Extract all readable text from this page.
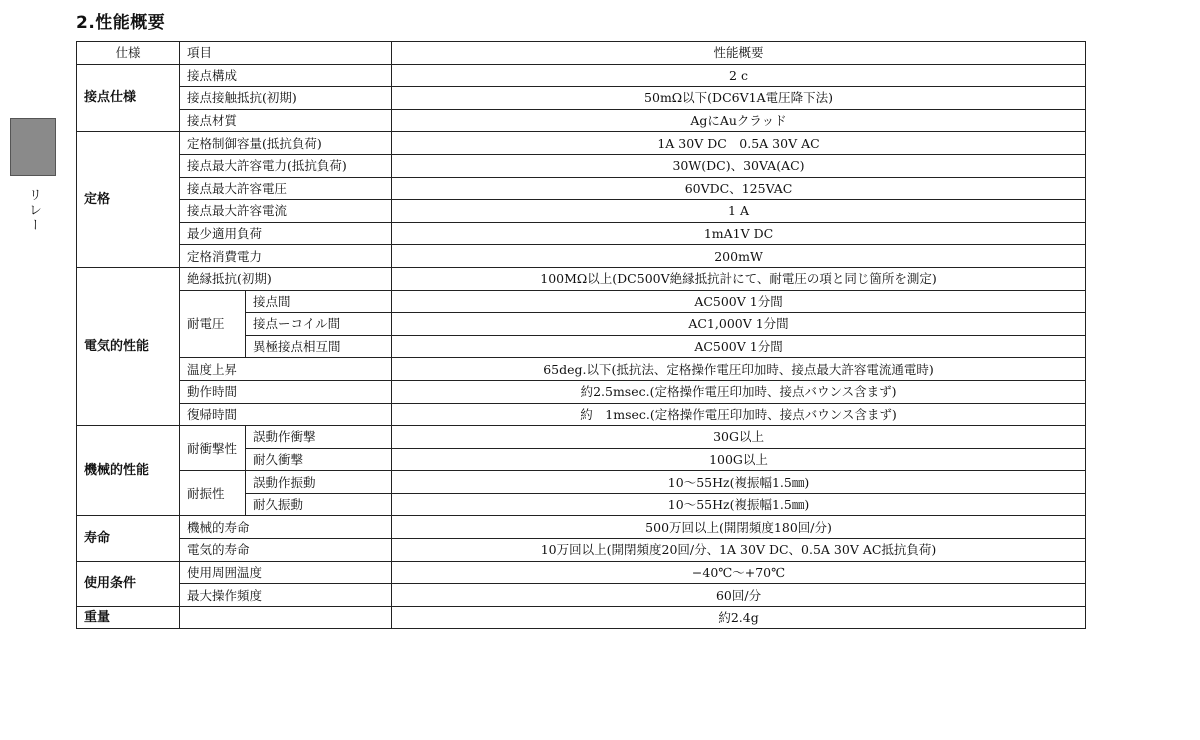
2.性能概要
リレー
仕様	項目		性能概要
接点仕様	接点構成		2 c
	接点接触抵抗(初期)		50mΩ以下(DC6V1A電圧降下法)
	接点材質		AgにAuクラッド
定格	定格制御容量(抵抗負荷)		1A 30V DC　0.5A 30V AC
	接点最大許容電力(抵抗負荷)		30W(DC)、30VA(AC)
	接点最大許容電圧		60VDC、125VAC
	接点最大許容電流		1 A
	最少適用負荷		1mA1V DC
	定格消費電力		200mW
電気的性能	絶縁抵抗(初期)		100MΩ以上(DC500V絶縁抵抗計にて、耐電圧の項と同じ箇所を測定)
	耐電圧	接点間	AC500V 1分間
		接点ーコイル間	AC1,000V 1分間
		異極接点相互間	AC500V 1分間
	温度上昇		65deg.以下(抵抗法、定格操作電圧印加時、接点最大許容電流通電時)
	動作時間		約2.5msec.(定格操作電圧印加時、接点バウンス含まず)
	復帰時間		約　1msec.(定格操作電圧印加時、接点バウンス含まず)
機械的性能	耐衝撃性	誤動作衝撃	30G以上
		耐久衝撃	100G以上
	耐振性	誤動作振動	10〜55Hz(複振幅1.5㎜)
		耐久振動	10〜55Hz(複振幅1.5㎜)
寿命	機械的寿命		500万回以上(開閉頻度180回/分)
	電気的寿命		10万回以上(開閉頻度20回/分、1A 30V DC、0.5A 30V AC抵抗負荷)
使用条件	使用周囲温度		−40℃〜+70℃
	最大操作頻度		60回/分
重量			約2.4g
